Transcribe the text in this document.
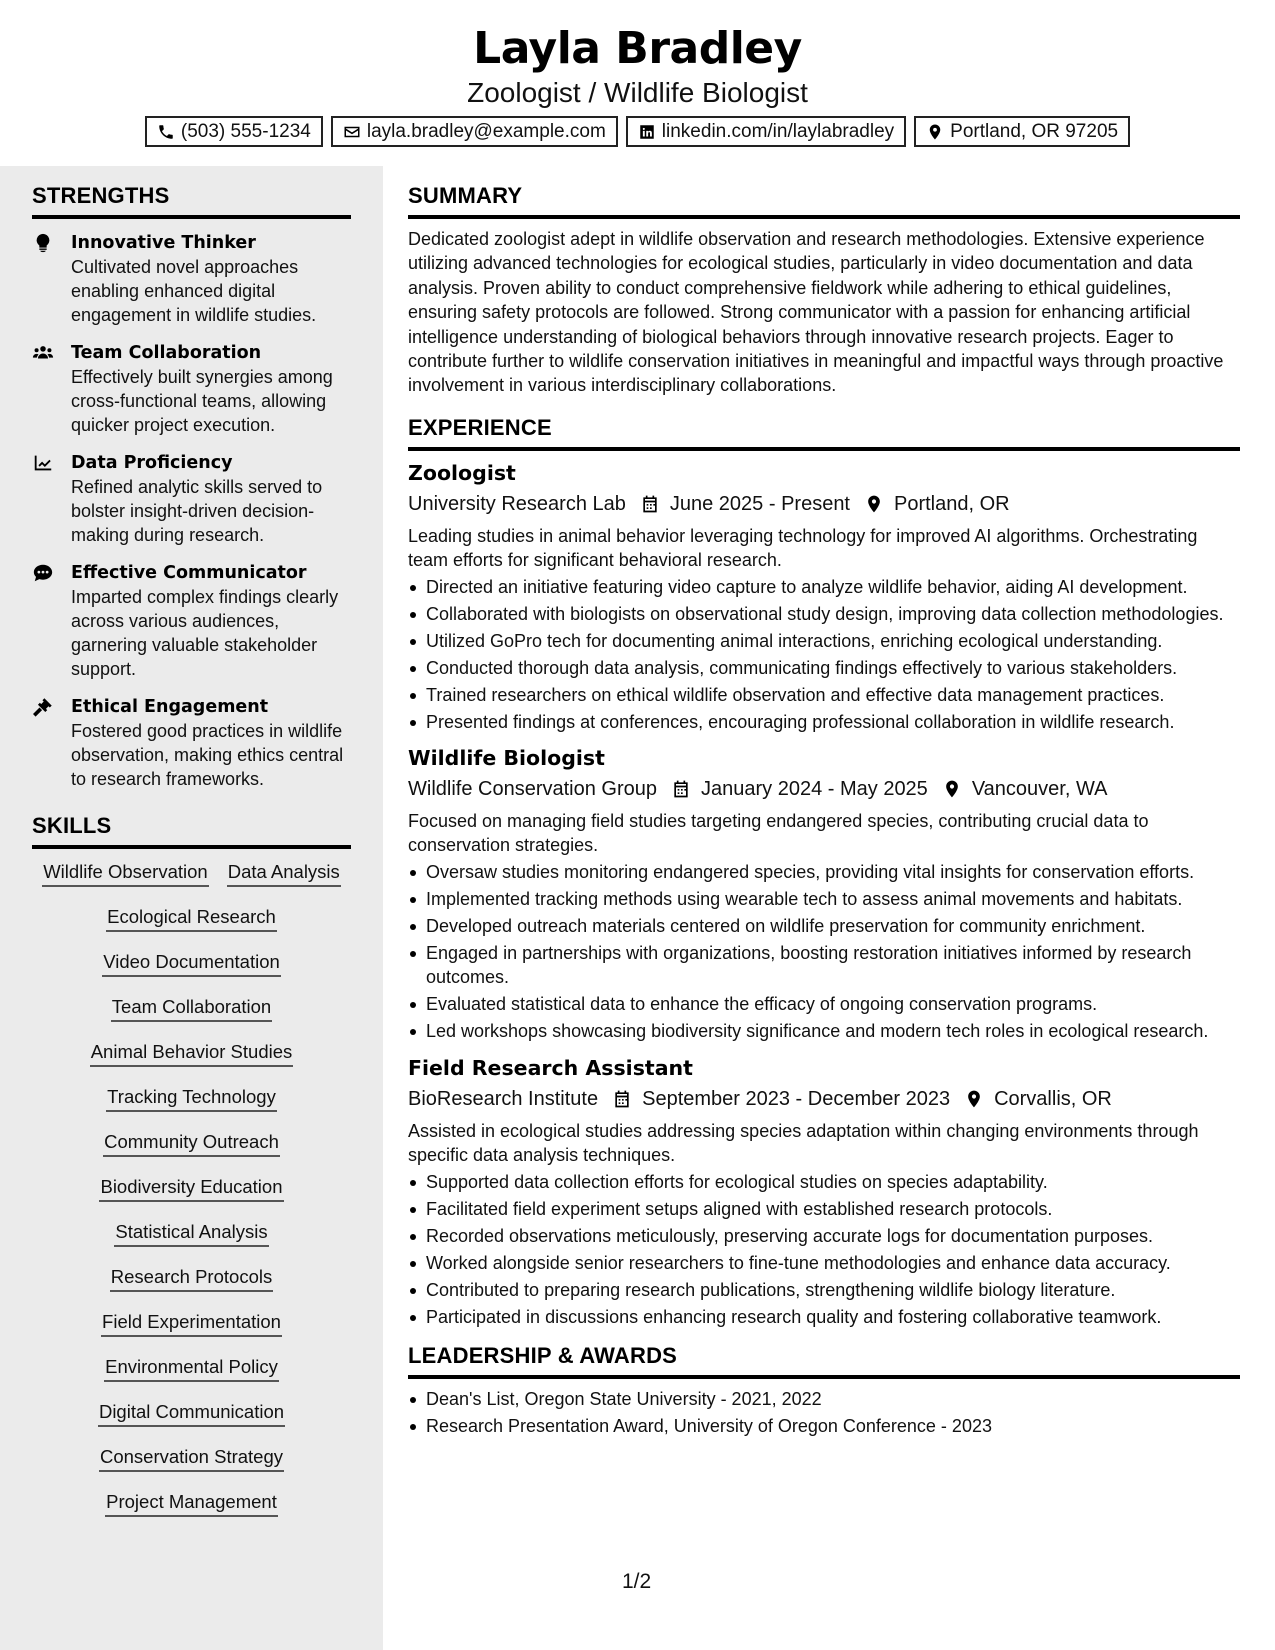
Layla Bradley
Zoologist / Wildlife Biologist
(503) 555-1234	layla.bradley@example.com	linkedin.com/in/laylabradley	Portland, OR 97205
STRENGTHS
Innovative Thinker
Cultivated novel approaches enabling enhanced digital engagement in wildlife studies.
Team Collaboration
Effectively built synergies among cross-functional teams, allowing quicker project execution.
Data Proficiency
Refined analytic skills served to bolster insight-driven decision-making during research.
Effective Communicator
Imparted complex findings clearly across various audiences, garnering valuable stakeholder support.
Ethical Engagement
Fostered good practices in wildlife observation, making ethics central to research frameworks.
SKILLS
Wildlife Observation Data Analysis
Ecological Research
Video Documentation
Team Collaboration
Animal Behavior Studies
Tracking Technology
Community Outreach
Biodiversity Education
Statistical Analysis
Research Protocols
Field Experimentation
Environmental Policy
Digital Communication
Conservation Strategy
Project Management
SUMMARY
Dedicated zoologist adept in wildlife observation and research methodologies. Extensive experience utilizing advanced technologies for ecological studies, particularly in video documentation and data analysis. Proven ability to conduct comprehensive fieldwork while adhering to ethical guidelines, ensuring safety protocols are followed. Strong communicator with a passion for enhancing artificial intelligence understanding of biological behaviors through innovative research projects. Eager to contribute further to wildlife conservation initiatives in meaningful and impactful ways through proactive involvement in various interdisciplinary collaborations.
EXPERIENCE
Zoologist
University Research Lab June 2025 - Present Portland, OR
Leading studies in animal behavior leveraging technology for improved AI algorithms. Orchestrating team efforts for significant behavioral research.
Directed an initiative featuring video capture to analyze wildlife behavior, aiding AI development.
Collaborated with biologists on observational study design, improving data collection methodologies.
Utilized GoPro tech for documenting animal interactions, enriching ecological understanding.
Conducted thorough data analysis, communicating findings effectively to various stakeholders.
Trained researchers on ethical wildlife observation and effective data management practices.
Presented findings at conferences, encouraging professional collaboration in wildlife research.
Wildlife Biologist
Wildlife Conservation Group January 2024 - May 2025 Vancouver, WA
Focused on managing field studies targeting endangered species, contributing crucial data to conservation strategies.
Oversaw studies monitoring endangered species, providing vital insights for conservation efforts.
Implemented tracking methods using wearable tech to assess animal movements and habitats.
Developed outreach materials centered on wildlife preservation for community enrichment.
Engaged in partnerships with organizations, boosting restoration initiatives informed by research outcomes.
Evaluated statistical data to enhance the efficacy of ongoing conservation programs.
Led workshops showcasing biodiversity significance and modern tech roles in ecological research.
Field Research Assistant
BioResearch Institute September 2023 - December 2023 Corvallis, OR
Assisted in ecological studies addressing species adaptation within changing environments through specific data analysis techniques.
Supported data collection efforts for ecological studies on species adaptability.
Facilitated field experiment setups aligned with established research protocols.
Recorded observations meticulously, preserving accurate logs for documentation purposes.
Worked alongside senior researchers to fine-tune methodologies and enhance data accuracy.
Contributed to preparing research publications, strengthening wildlife biology literature.
Participated in discussions enhancing research quality and fostering collaborative teamwork.
LEADERSHIP & AWARDS
Dean's List, Oregon State University - 2021, 2022
Research Presentation Award, University of Oregon Conference - 2023
1/2
